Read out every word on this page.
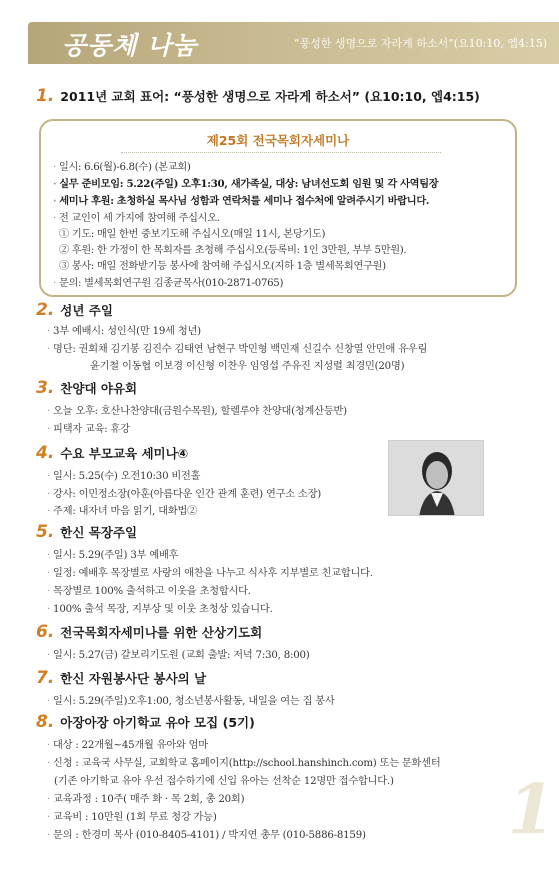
공동체 나눔	“풍성한 생명으로 자라게 하소서”(요10:10, 엡4:15)
1. 2011년 교회 표어: “풍성한 생명으로 자라게 하소서” (요10:10, 엡4:15)
제25회 전국목회자세미나
· 일시: 6.6(월)-6.8(수) (본교회)
· 실무 준비모임: 5.22(주일) 오후1:30, 새가족실, 대상: 남녀선도회 임원 및 각 사역팀장
· 세미나 후원: 초청하실 목사님 성함과 연락처를 세미나 접수처에 알려주시기 바랍니다.
· 전 교인이 세 가지에 참여해 주십시오.
① 기도: 매일 한번 중보기도해 주십시오(매일 11시, 본당기도)
② 후원: 한 가정이 한 목회자를 초청해 주십시오(등록비: 1인 3만원, 부부 5만원).
③ 봉사: 매일 전화받기등 봉사에 참여해 주십시오(지하 1층 별세목회연구원)
· 문의: 별세목회연구원 김종균목사(010-2871-0765)
2. 성년 주일
· 3부 예배시: 성인식(만 19세 청년)
· 명단: 권회채 김기봉 김진수 김태연 남현구 박민형 백민재 신길수 신창열 안민애 유우림
윤기철 이동협 이보경 이신형 이찬우 임영섭 주유진 지성렬 최경민(20명)
3. 찬양대 야유회
· 오늘 오후: 호산나찬양대(금원수목원), 할렐루야 찬양대(청계산등반)
· 피택자 교육: 휴강
4. 수요 부모교육 세미나④
· 일시: 5.25(수) 오전10:30 비전홀
· 강사: 이민정소장(아훈(아름다운 인간 관계 훈련) 연구소 소장)
· 주제: 내자녀 마음 읽기, 대화법②
5. 한신 목장주일
· 일시: 5.29(주일) 3부 예배후
· 일정: 예배후 목장별로 사랑의 애찬을 나누고 식사후 지부별로 친교합니다.
· 목장별로 100% 출석하고 이웃을 초청합시다.
· 100% 출석 목장, 지부상 및 이웃 초청상 있습니다.
6. 전국목회자세미나를 위한 산상기도회
· 일시: 5.27(금) 갈보리기도원 (교회 출발: 저녁 7:30, 8:00)
7. 한신 자원봉사단 봉사의 날
· 일시: 5.29(주일)오후1:00, 청소년봉사활동, 내일을 여는 집 봉사
8. 아장아장 아기학교 유아 모집 (5기)
· 대상 : 22개월~45개월 유아와 엄마
· 신청 : 교육국 사무실, 교회학교 홈페이지(http://school.hanshinch.com) 또는 문화센터
(기존 아기학교 유아 우선 접수하기에 신입 유아는 선착순 12명만 접수합니다.)
· 교육과정 : 10주( 매주 화 · 목 2회, 총 20회)
· 교육비 : 10만원 (1회 무료 청강 가능)
· 문의 : 한경미 목사 (010-8405-4101) / 박지연 총무 (010-5886-8159) 1
